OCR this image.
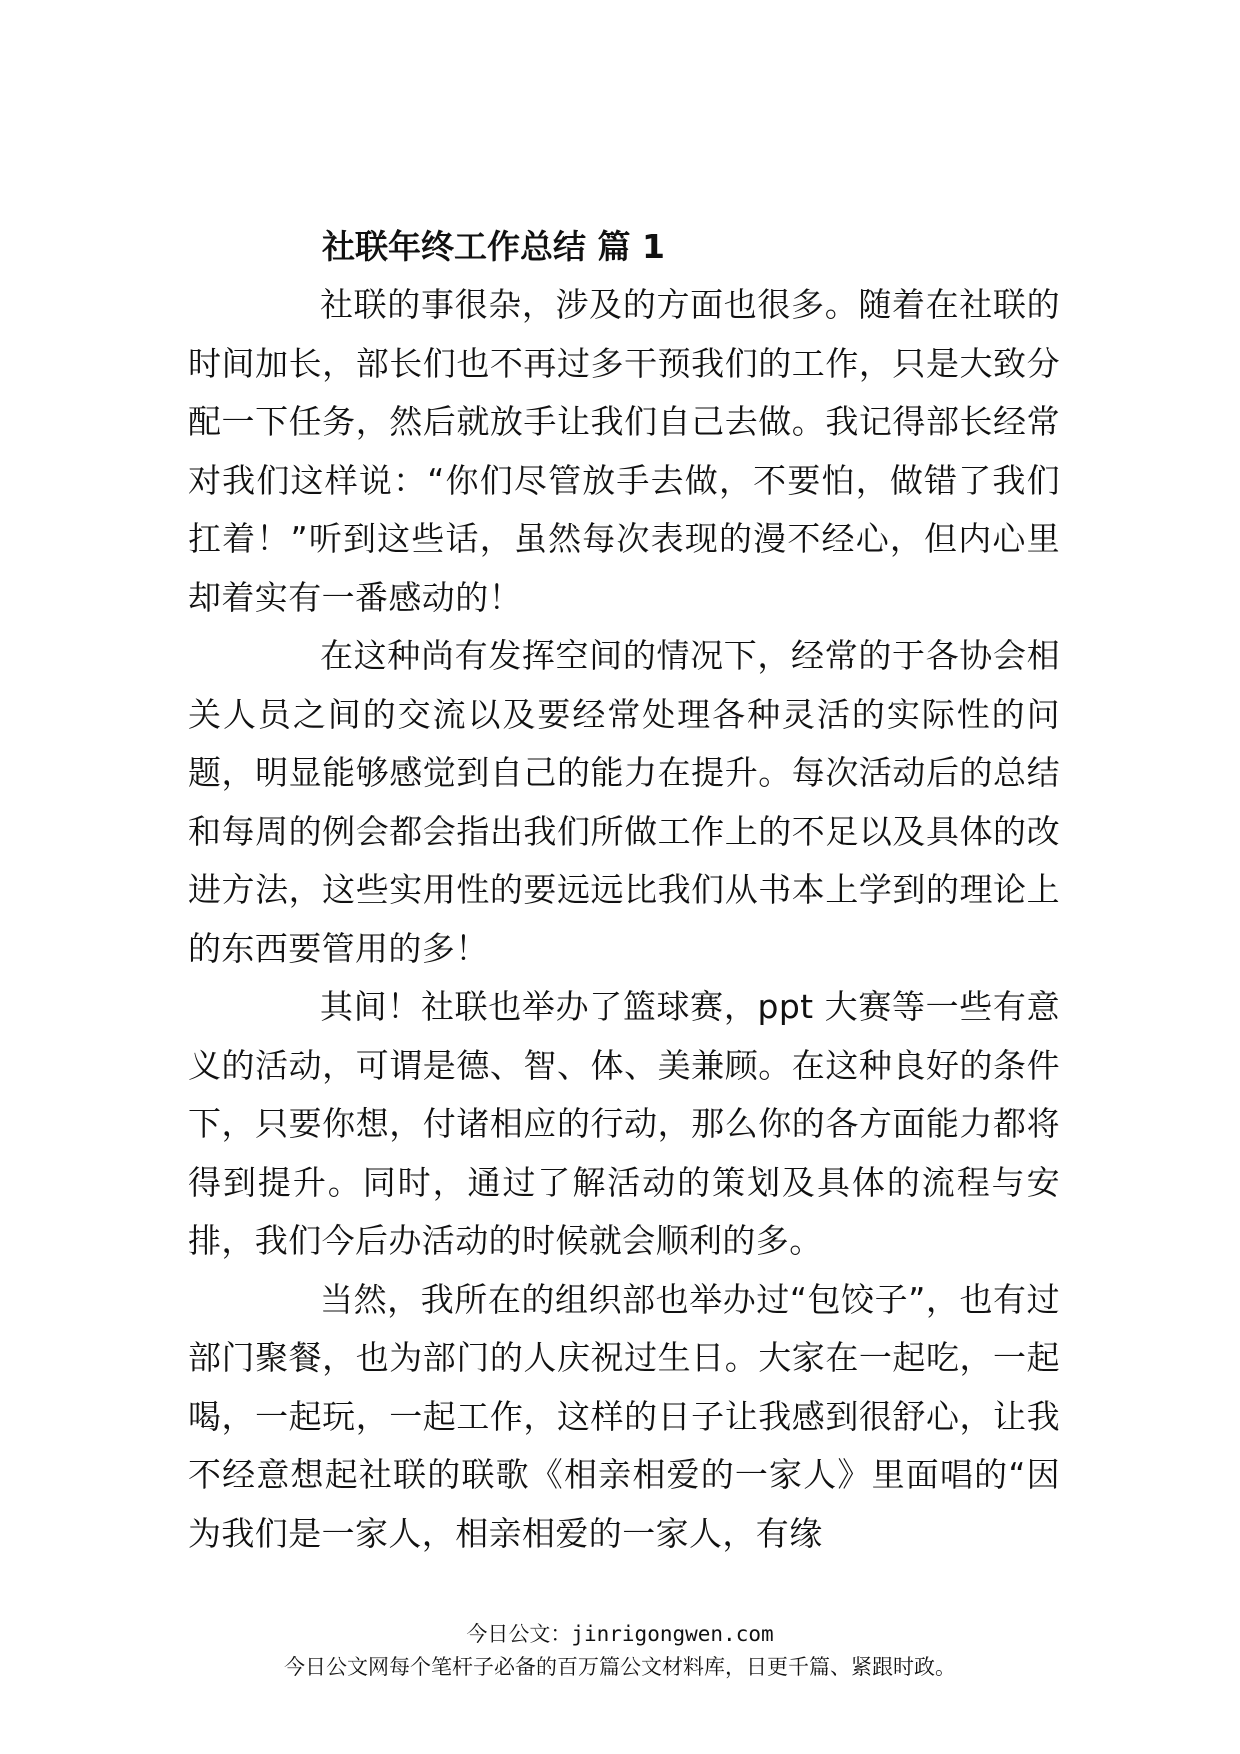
社联年终工作总结 篇 1

社联的事很杂，涉及的方面也很多。随着在社联的时间加长，部长们也不再过多干预我们的工作，只是大致分配一下任务，然后就放手让我们自己去做。我记得部长经常对我们这样说：“你们尽管放手去做，不要怕，做错了我们扛着！”听到这些话，虽然每次表现的漫不经心，但内心里却着实有一番感动的！

在这种尚有发挥空间的情况下，经常的于各协会相关人员之间的交流以及要经常处理各种灵活的实际性的问题，明显能够感觉到自己的能力在提升。每次活动后的总结和每周的例会都会指出我们所做工作上的不足以及具体的改进方法，这些实用性的要远远比我们从书本上学到的理论上的东西要管用的多！

其间！社联也举办了篮球赛，ppt 大赛等一些有意义的活动，可谓是德、智、体、美兼顾。在这种良好的条件下，只要你想，付诸相应的行动，那么你的各方面能力都将得到提升。同时，通过了解活动的策划及具体的流程与安排，我们今后办活动的时候就会顺利的多。

当然，我所在的组织部也举办过“包饺子”，也有过部门聚餐，也为部门的人庆祝过生日。大家在一起吃，一起喝，一起玩，一起工作，这样的日子让我感到很舒心，让我不经意想起社联的联歌《相亲相爱的一家人》里面唱的“因为我们是一家人，相亲相爱的一家人，有缘

今日公文：jinrigongwen.com
今日公文网每个笔杆子必备的百万篇公文材料库，日更千篇、紧跟时政。
